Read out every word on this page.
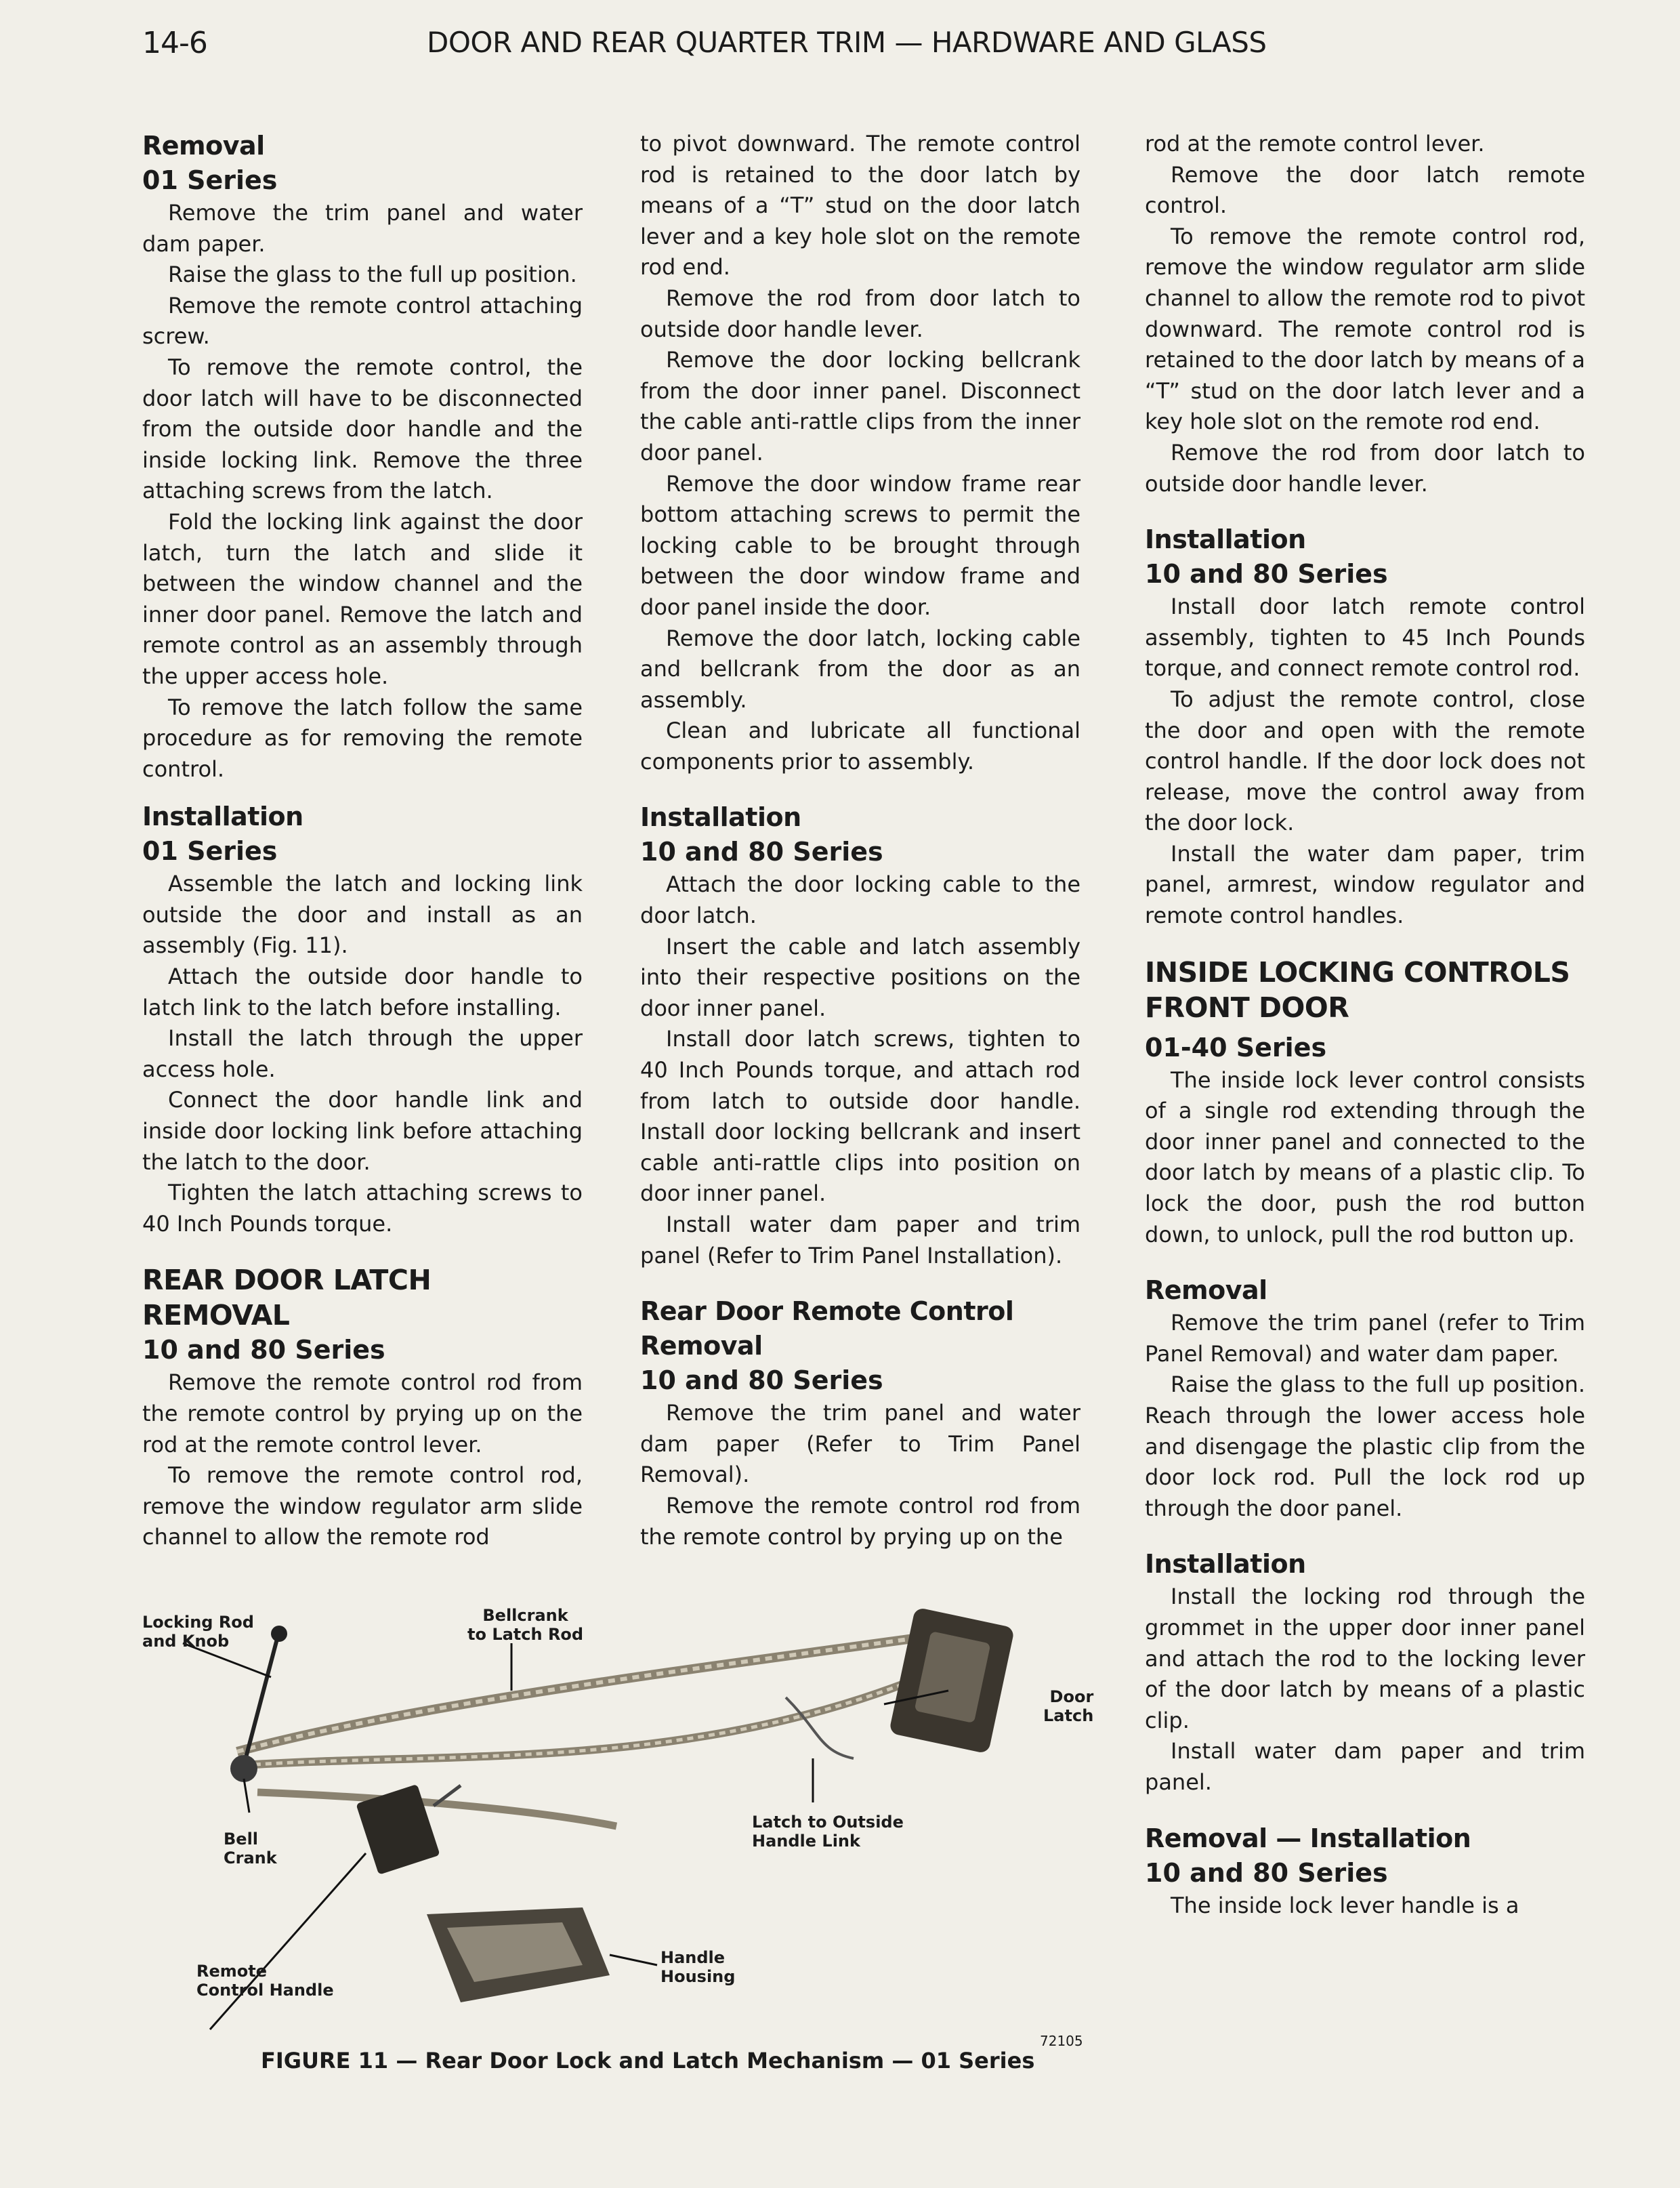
14-6	DOOR AND REAR QUARTER TRIM — HARDWARE AND GLASS
Removal
01 Series

Remove the trim panel and water dam paper.

Raise the glass to the full up position.

Remove the remote control attaching screw.

To remove the remote control, the door latch will have to be disconnected from the outside door handle and the inside locking link. Remove the three attaching screws from the latch.

Fold the locking link against the door latch, turn the latch and slide it between the window channel and the inner door panel. Remove the latch and remote control as an assembly through the upper access hole.

To remove the latch follow the same procedure as for removing the remote control.

Installation
01 Series

Assemble the latch and locking link outside the door and install as an assembly (Fig. 11).

Attach the outside door handle to latch link to the latch before installing.

Install the latch through the upper access hole.

Connect the door handle link and inside door locking link before attaching the latch to the door.

Tighten the latch attaching screws to 40 Inch Pounds torque.

REAR DOOR LATCH REMOVAL
10 and 80 Series

Remove the remote control rod from the remote control by prying up on the rod at the remote control lever.

To remove the remote control rod, remove the window regulator arm slide channel to allow the remote rod

to pivot downward. The remote control rod is retained to the door latch by means of a “T” stud on the door latch lever and a key hole slot on the remote rod end.

Remove the rod from door latch to outside door handle lever.

Remove the door locking bellcrank from the door inner panel. Disconnect the cable anti-rattle clips from the inner door panel.

Remove the door window frame rear bottom attaching screws to permit the locking cable to be brought through between the door window frame and door panel inside the door.

Remove the door latch, locking cable and bellcrank from the door as an assembly.

Clean and lubricate all functional components prior to assembly.

Installation
10 and 80 Series

Attach the door locking cable to the door latch.

Insert the cable and latch assembly into their respective positions on the door inner panel.

Install door latch screws, tighten to 40 Inch Pounds torque, and attach rod from latch to outside door handle. Install door locking bellcrank and insert cable anti-rattle clips into position on door inner panel.

Install water dam paper and trim panel (Refer to Trim Panel Installation).

Rear Door Remote Control
Removal
10 and 80 Series

Remove the trim panel and water dam paper (Refer to Trim Panel Removal).

Remove the remote control rod from the remote control by prying up on the

rod at the remote control lever.

Remove the door latch remote control.

To remove the remote control rod, remove the window regulator arm slide channel to allow the remote rod to pivot downward. The remote control rod is retained to the door latch by means of a “T” stud on the door latch lever and a key hole slot on the remote rod end.

Remove the rod from door latch to outside door handle lever.

Installation
10 and 80 Series

Install door latch remote control assembly, tighten to 45 Inch Pounds torque, and connect remote control rod.

To adjust the remote control, close the door and open with the remote control handle. If the door lock does not release, move the control away from the door lock.

Install the water dam paper, trim panel, armrest, window regulator and remote control handles.

INSIDE LOCKING CONTROLS
FRONT DOOR
01-40 Series

The inside lock lever control consists of a single rod extending through the door inner panel and connected to the door latch by means of a plastic clip. To lock the door, push the rod button down, to unlock, pull the rod button up.

Removal

Remove the trim panel (refer to Trim Panel Removal) and water dam paper.

Raise the glass to the full up position. Reach through the lower access hole and disengage the plastic clip from the door lock rod. Pull the lock rod up through the door panel.

Installation

Install the locking rod through the grommet in the upper door inner panel and attach the rod to the locking lever of the door latch by means of a plastic clip.

Install water dam paper and trim panel.

Removal — Installation
10 and 80 Series

The inside lock lever handle is a

Locking Rod
and Knob
Bellcrank
to Latch Rod
Door
Latch
Bell
Crank
Latch to Outside
Handle Link
Remote
Control Handle
Handle
Housing
72105
FIGURE 11 — Rear Door Lock and Latch Mechanism — 01 Series
